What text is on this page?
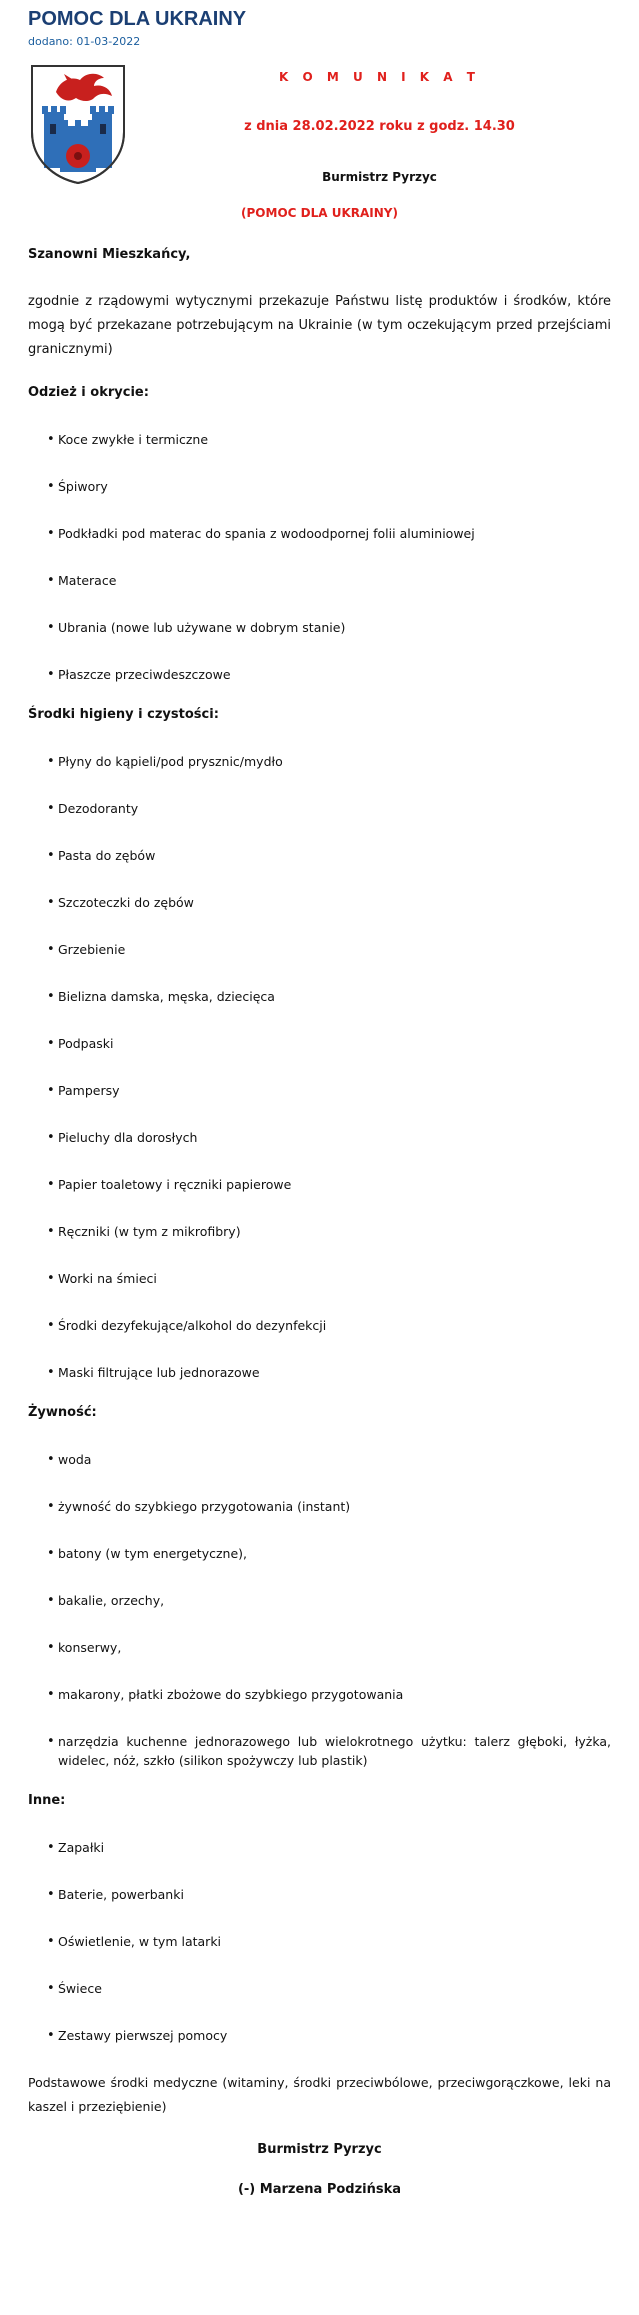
POMOC DLA UKRAINY
dodano: 01-03-2022
K O M U N I K A T
z dnia 28.02.2022 roku z godz. 14.30
Burmistrz Pyrzyc
(POMOC DLA UKRAINY)
Szanowni Mieszkańcy,
zgodnie z rządowymi wytycznymi przekazuje Państwu listę produktów i środków, które mogą być przekazane potrzebującym na Ukrainie (w tym oczekującym przed przejściami granicznymi)
Odzież i okrycie:
• Koce zwykłe i termiczne
• Śpiwory
• Podkładki pod materac do spania z wodoodpornej folii aluminiowej
• Materace
• Ubrania (nowe lub używane w dobrym stanie)
• Płaszcze przeciwdeszczowe
Środki higieny i czystości:
• Płyny do kąpieli/pod prysznic/mydło
• Dezodoranty
• Pasta do zębów
• Szczoteczki do zębów
• Grzebienie
• Bielizna damska, męska, dziecięca
• Podpaski
• Pampersy
• Pieluchy dla dorosłych
• Papier toaletowy i ręczniki papierowe
• Ręczniki (w tym z mikrofibry)
• Worki na śmieci
• Środki dezyfekujące/alkohol do dezynfekcji
• Maski filtrujące lub jednorazowe
Żywność:
• woda
• żywność do szybkiego przygotowania (instant)
• batony (w tym energetyczne),
• bakalie, orzechy,
• konserwy,
• makarony, płatki zbożowe do szybkiego przygotowania
• narzędzia kuchenne jednorazowego lub wielokrotnego użytku: talerz głęboki, łyżka, widelec, nóż, szkło (silikon spożywczy lub plastik)
Inne:
• Zapałki
• Baterie, powerbanki
• Oświetlenie, w tym latarki
• Świece
• Zestawy pierwszej pomocy
Podstawowe środki medyczne (witaminy, środki przeciwbólowe, przeciwgorączkowe, leki na kaszel i przeziębienie)
Burmistrz Pyrzyc
(-) Marzena Podzińska
